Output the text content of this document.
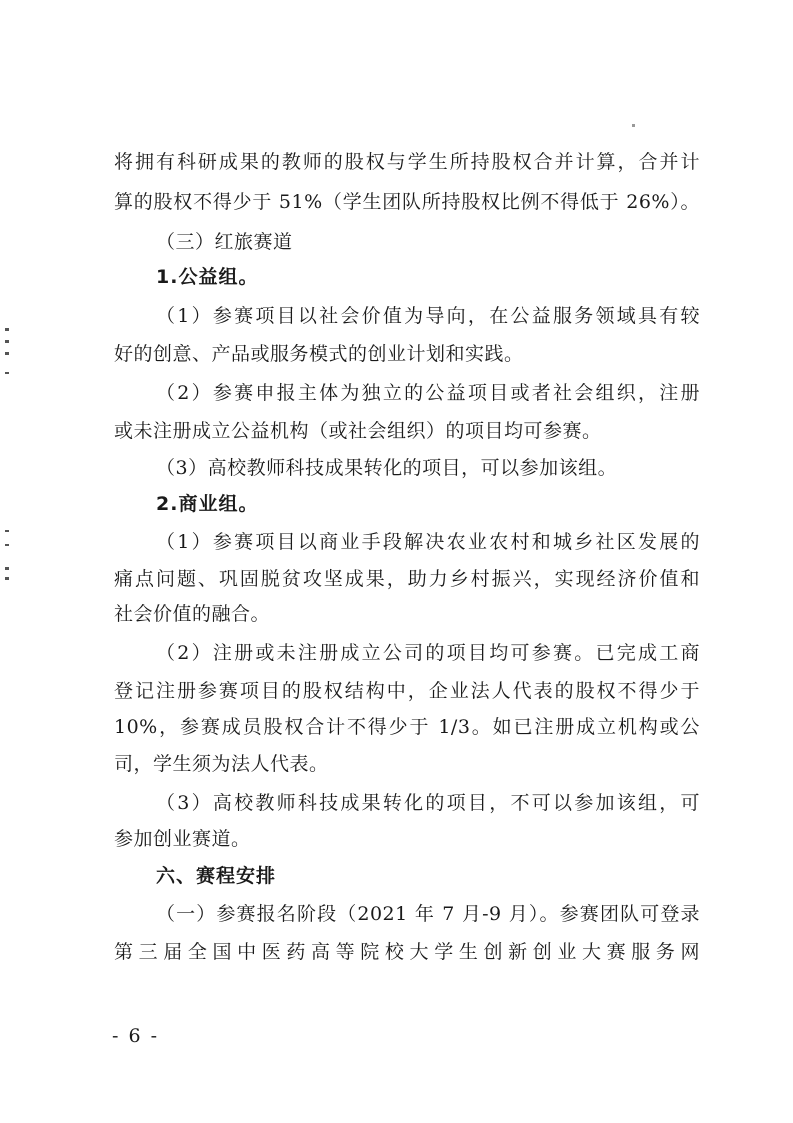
将拥有科研成果的教师的股权与学生所持股权合并计算，合并计
算的股权不得少于 51%（学生团队所持股权比例不得低于 26%）。
（三）红旅赛道
1.公益组。
（1）参赛项目以社会价值为导向，在公益服务领域具有较
好的创意、产品或服务模式的创业计划和实践。
（2）参赛申报主体为独立的公益项目或者社会组织，注册
或未注册成立公益机构（或社会组织）的项目均可参赛。
（3）高校教师科技成果转化的项目，可以参加该组。
2.商业组。
（1）参赛项目以商业手段解决农业农村和城乡社区发展的
痛点问题、巩固脱贫攻坚成果，助力乡村振兴，实现经济价值和
社会价值的融合。
（2）注册或未注册成立公司的项目均可参赛。已完成工商
登记注册参赛项目的股权结构中，企业法人代表的股权不得少于
10%，参赛成员股权合计不得少于 1/3。如已注册成立机构或公
司，学生须为法人代表。
（3）高校教师科技成果转化的项目，不可以参加该组，可
参加创业赛道。
六、赛程安排
（一）参赛报名阶段（2021 年 7 月-9 月）。参赛团队可登录
第三届全国中医药高等院校大学生创新创业大赛服务网
- 6 -
